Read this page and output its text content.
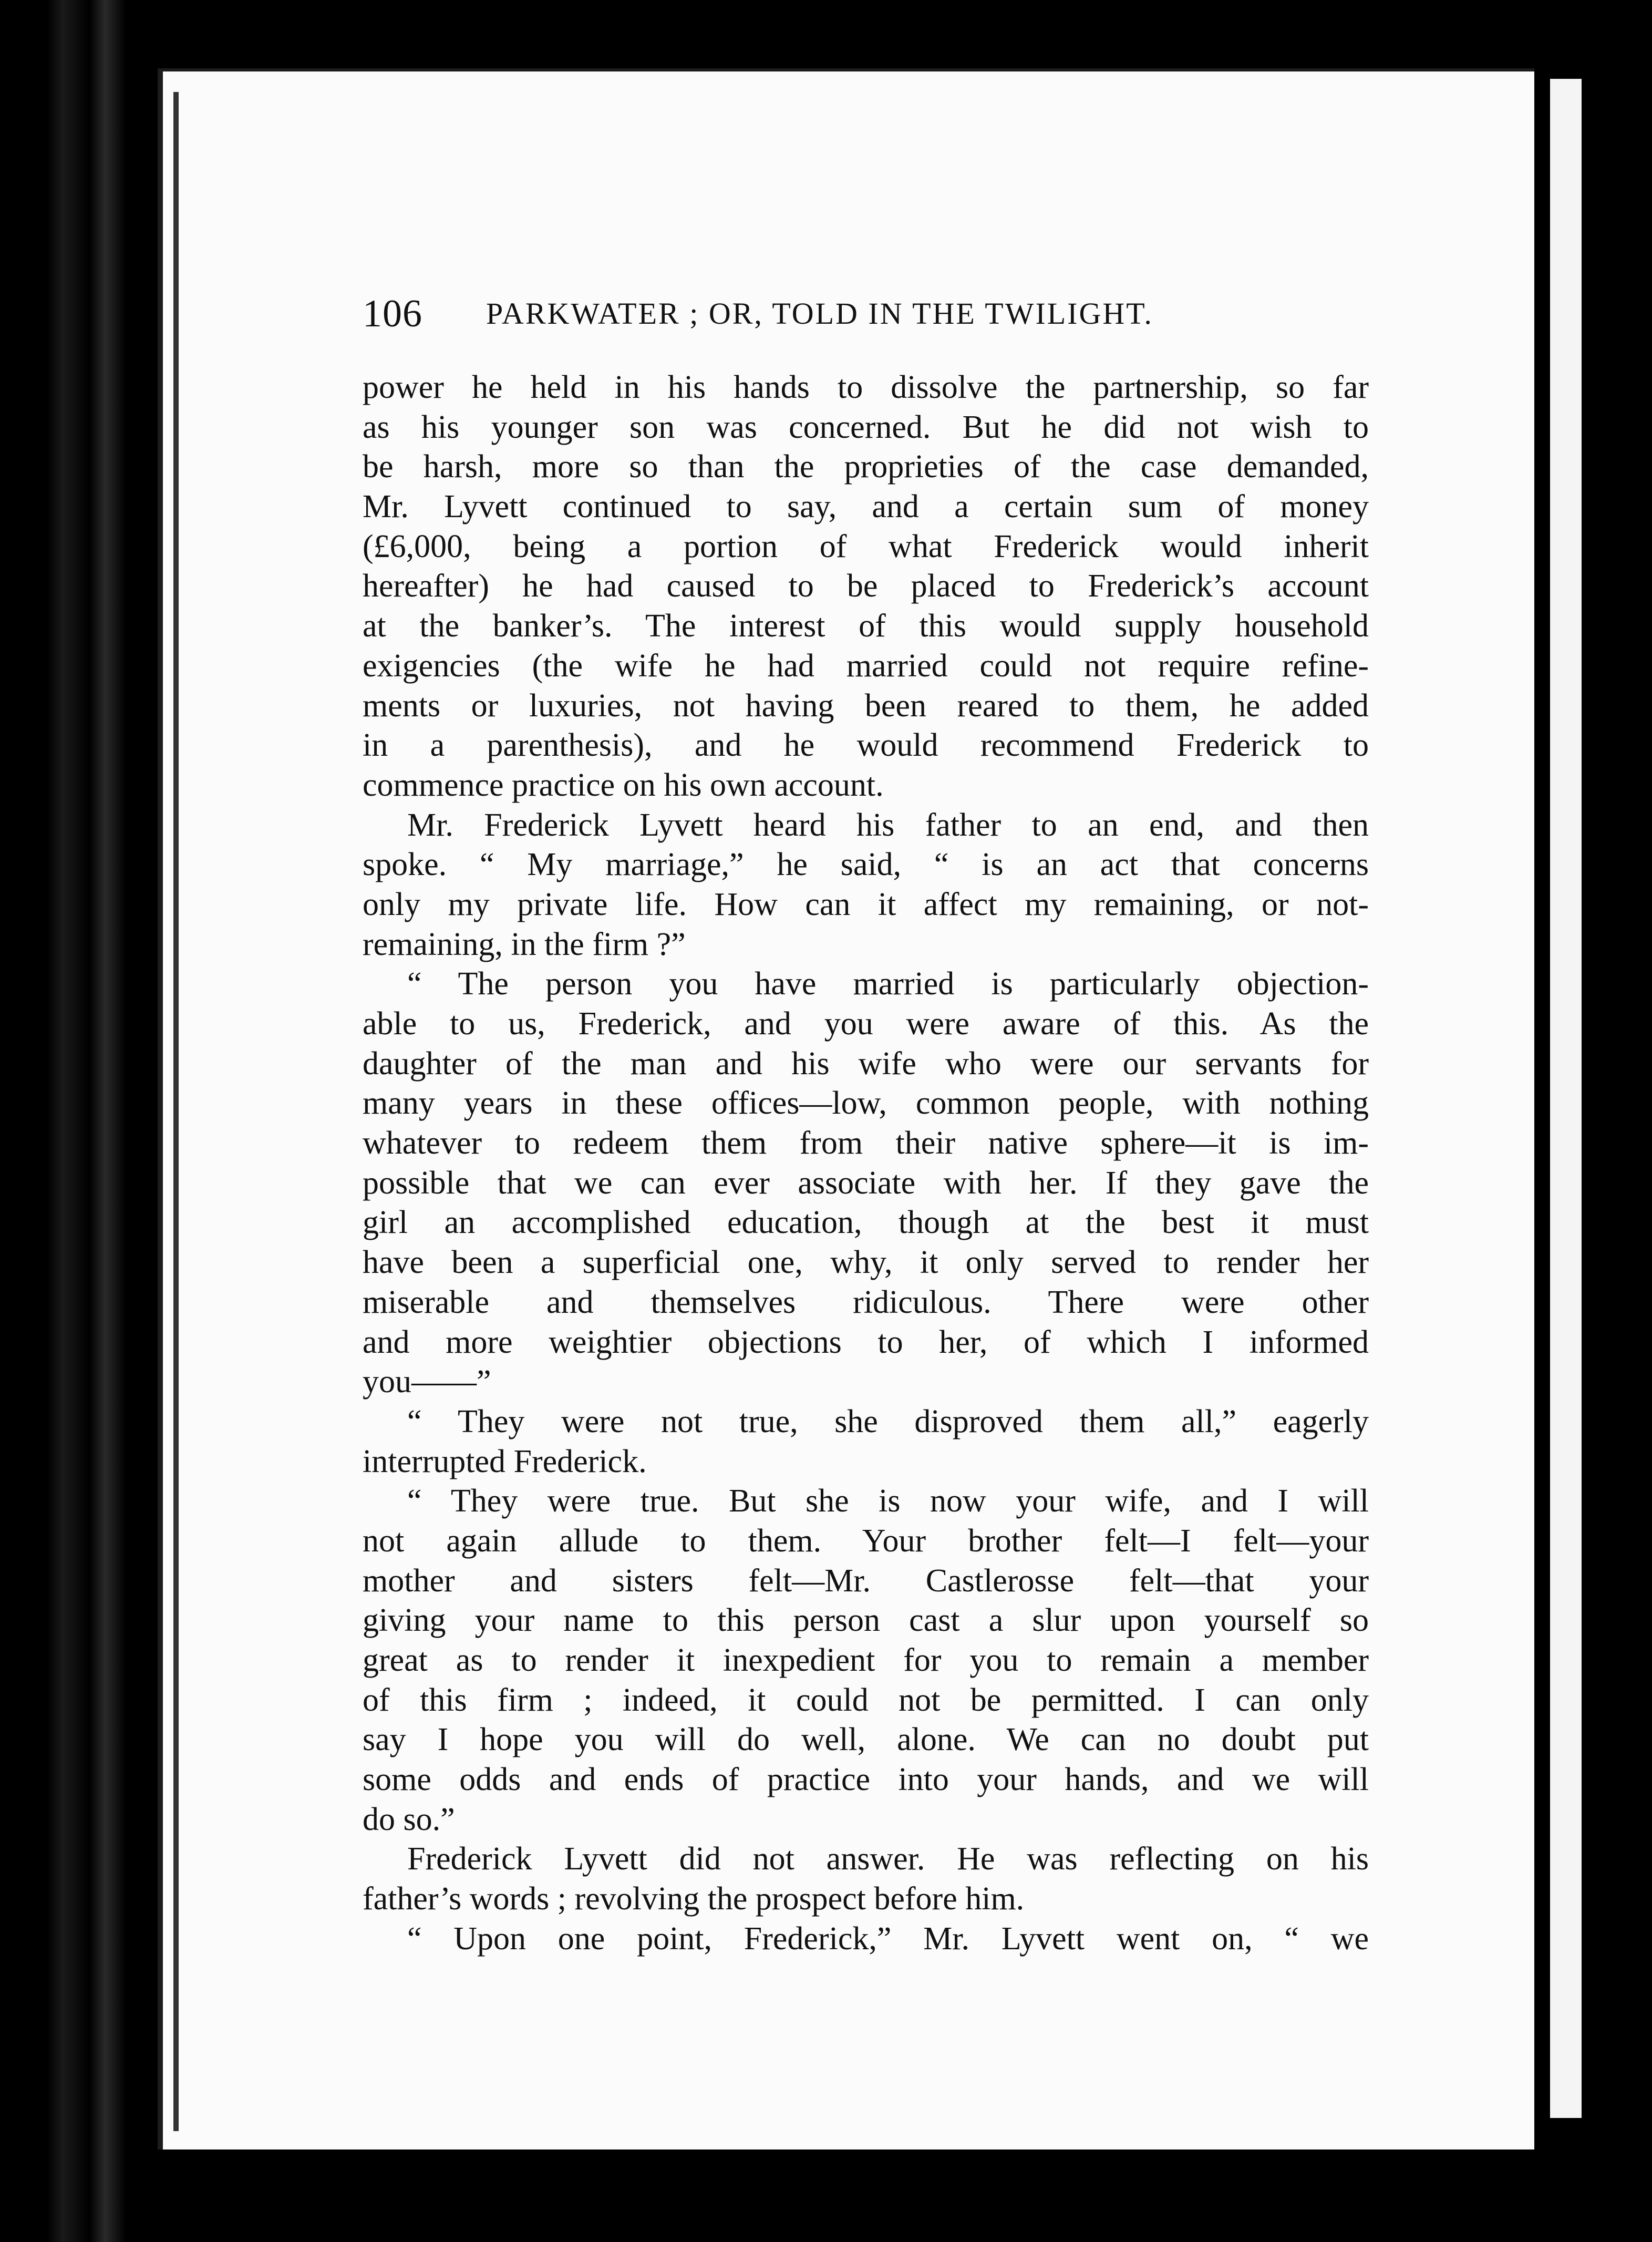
106 PARKWATER ; OR, TOLD IN THE TWILIGHT.
power he held in his hands to dissolve the partnership, so far
as his younger son was concerned. But he did not wish to
be harsh, more so than the proprieties of the case demanded,
Mr. Lyvett continued to say, and a certain sum of money
(£6,000, being a portion of what Frederick would inherit
hereafter) he had caused to be placed to Frederick’s account
at the banker’s. The interest of this would supply household
exigencies (the wife he had married could not require refine-
ments or luxuries, not having been reared to them, he added
in a parenthesis), and he would recommend Frederick to
commence practice on his own account.
Mr. Frederick Lyvett heard his father to an end, and then
spoke. “ My marriage,” he said, “ is an act that concerns
only my private life. How can it affect my remaining, or not-
remaining, in the firm ?”
“ The person you have married is particularly objection-
able to us, Frederick, and you were aware of this. As the
daughter of the man and his wife who were our servants for
many years in these offices—low, common people, with nothing
whatever to redeem them from their native sphere—it is im-
possible that we can ever associate with her. If they gave the
girl an accomplished education, though at the best it must
have been a superficial one, why, it only served to render her
miserable and themselves ridiculous. There were other
and more weightier objections to her, of which I informed
you——”
“ They were not true, she disproved them all,” eagerly
interrupted Frederick.
“ They were true. But she is now your wife, and I will
not again allude to them. Your brother felt—I felt—your
mother and sisters felt—Mr. Castlerosse felt—that your
giving your name to this person cast a slur upon yourself so
great as to render it inexpedient for you to remain a member
of this firm ; indeed, it could not be permitted. I can only
say I hope you will do well, alone. We can no doubt put
some odds and ends of practice into your hands, and we will
do so.”
Frederick Lyvett did not answer. He was reflecting on his
father’s words ; revolving the prospect before him.
“ Upon one point, Frederick,” Mr. Lyvett went on, “ we
